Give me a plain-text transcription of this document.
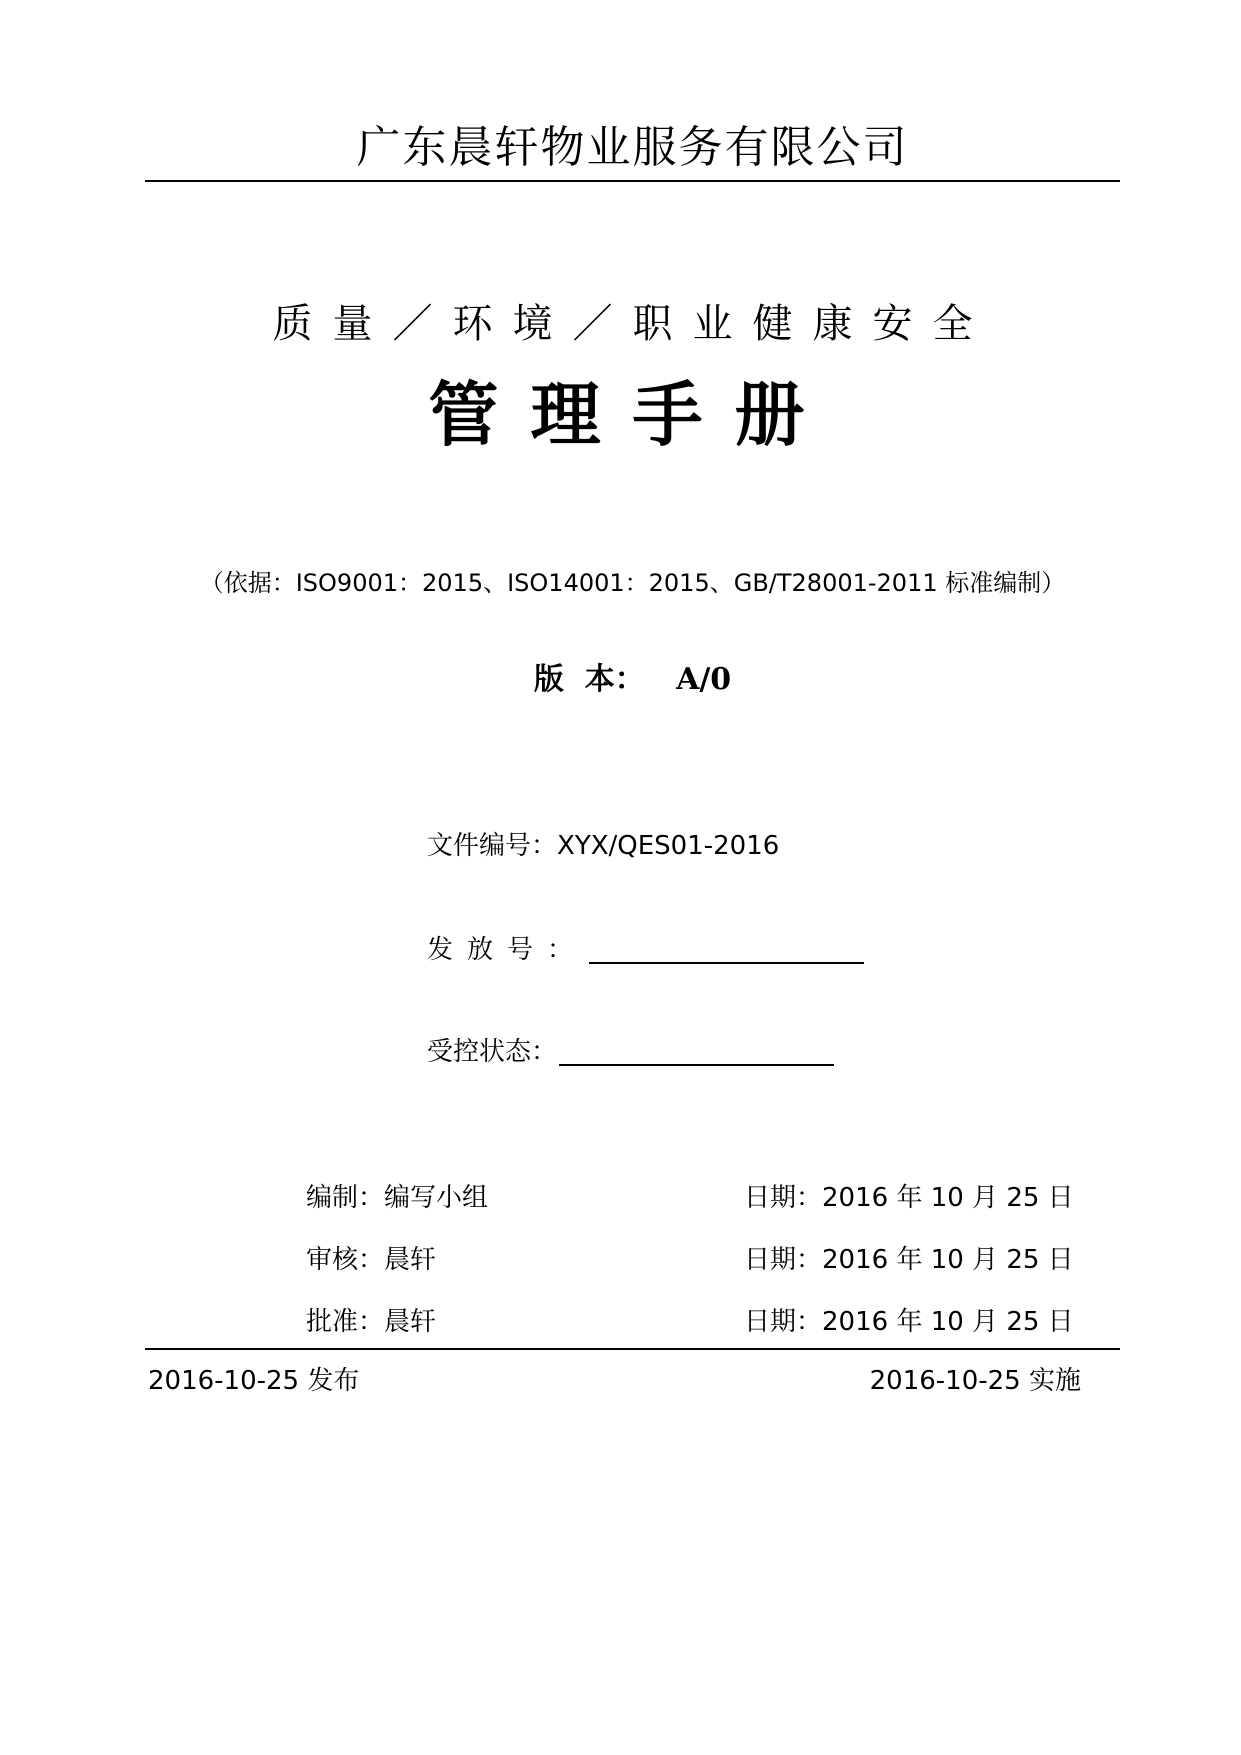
广东晨轩物业服务有限公司
质量／环境／职业健康安全
管理手册
（依据：ISO9001：2015、ISO14001：2015、GB/T28001-2011 标准编制）
版  本： A/0
文件编号：XYX/QES01-2016
发放号：
受控状态：
编制：编写小组	日期：2016 年 10 月 25 日
审核：晨轩	日期：2016 年 10 月 25 日
批准：晨轩	日期：2016 年 10 月 25 日
2016-10-25 发布	2016-10-25 实施
